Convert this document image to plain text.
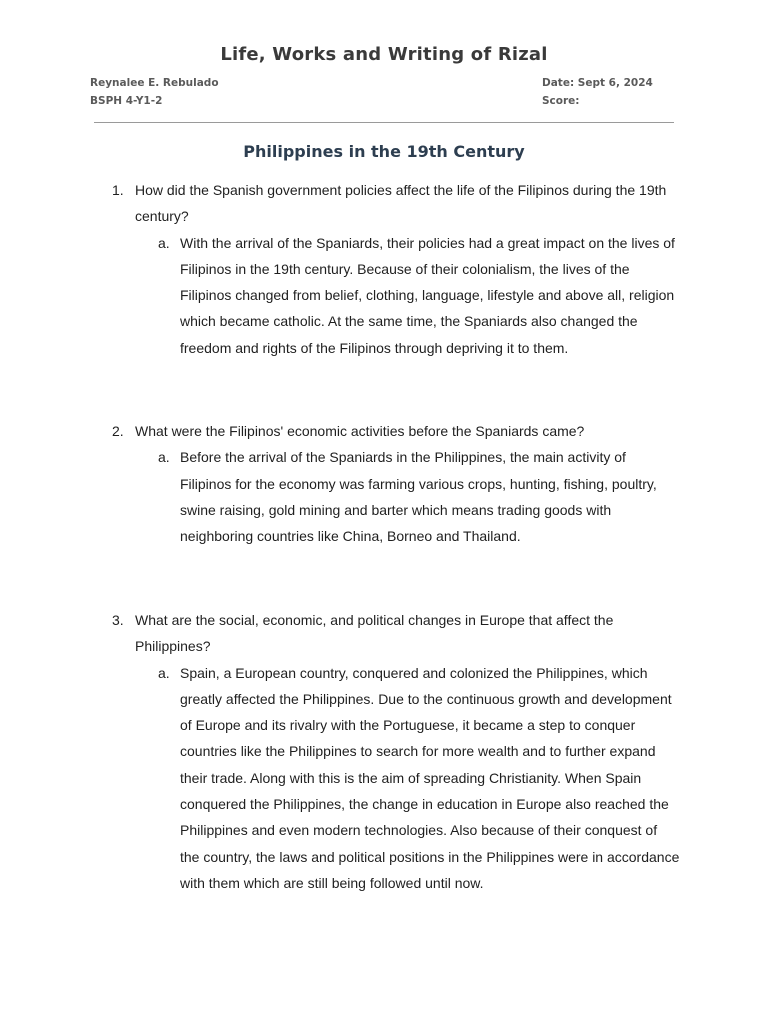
Life, Works and Writing of Rizal
Reynalee E. Rebulado
BSPH 4-Y1-2
Date: Sept 6, 2024
Score:
Philippines in the 19th Century
1. How did the Spanish government policies affect the life of the Filipinos during the 19th century?
a. With the arrival of the Spaniards, their policies had a great impact on the lives of Filipinos in the 19th century. Because of their colonialism, the lives of the Filipinos changed from belief, clothing, language, lifestyle and above all, religion which became catholic. At the same time, the Spaniards also changed the freedom and rights of the Filipinos through depriving it to them.
2. What were the Filipinos' economic activities before the Spaniards came?
a. Before the arrival of the Spaniards in the Philippines, the main activity of Filipinos for the economy was farming various crops, hunting, fishing, poultry, swine raising, gold mining and barter which means trading goods with neighboring countries like China, Borneo and Thailand.
3. What are the social, economic, and political changes in Europe that affect the Philippines?
a. Spain, a European country, conquered and colonized the Philippines, which greatly affected the Philippines. Due to the continuous growth and development of Europe and its rivalry with the Portuguese, it became a step to conquer countries like the Philippines to search for more wealth and to further expand their trade. Along with this is the aim of spreading Christianity. When Spain conquered the Philippines, the change in education in Europe also reached the Philippines and even modern technologies. Also because of their conquest of the country, the laws and political positions in the Philippines were in accordance with them which are still being followed until now.
